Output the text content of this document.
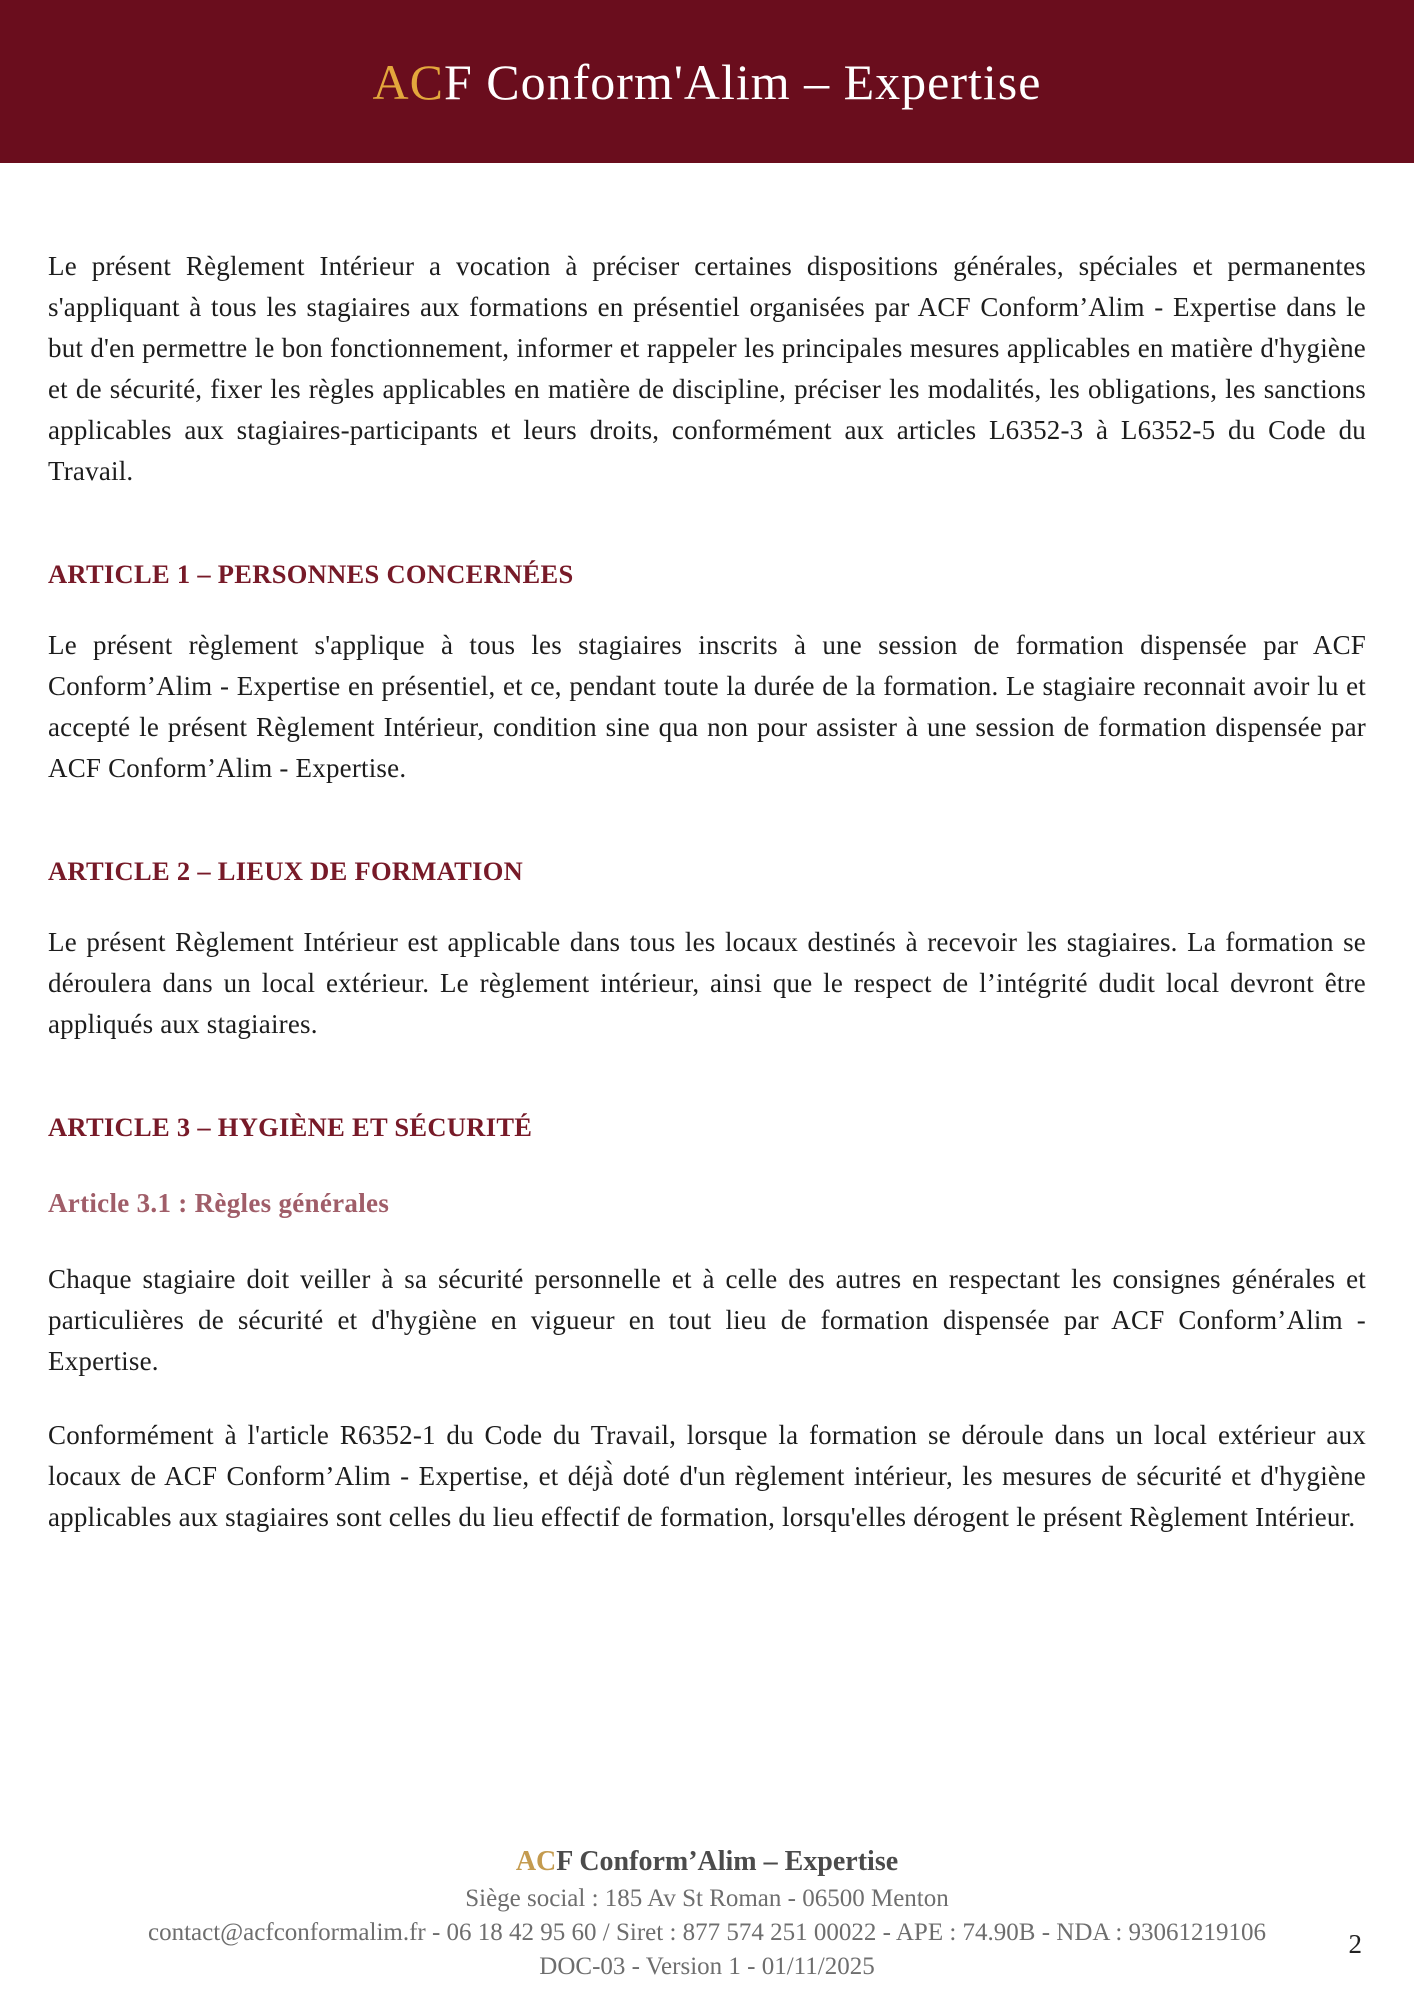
ACF Conform'Alim – Expertise

Le présent Règlement Intérieur a vocation à préciser certaines dispositions générales, spéciales et permanentes s'appliquant à tous les stagiaires aux formations en présentiel organisées par ACF Conform’Alim - Expertise dans le but d'en permettre le bon fonctionnement, informer et rappeler les principales mesures applicables en matière d'hygiène et de sécurité, fixer les règles applicables en matière de discipline, préciser les modalités, les obligations, les sanctions applicables aux stagiaires-participants et leurs droits, conformément aux articles L6352-3 à L6352-5 du Code du Travail.

ARTICLE 1 – PERSONNES CONCERNÉES

Le présent règlement s'applique à tous les stagiaires inscrits à une session de formation dispensée par ACF Conform’Alim - Expertise en présentiel, et ce, pendant toute la durée de la formation. Le stagiaire reconnait avoir lu et accepté le présent Règlement Intérieur, condition sine qua non pour assister à une session de formation dispensée par ACF Conform’Alim - Expertise.

ARTICLE 2 – LIEUX DE FORMATION

Le présent Règlement Intérieur est applicable dans tous les locaux destinés à recevoir les stagiaires. La formation se déroulera dans un local extérieur. Le règlement intérieur, ainsi que le respect de l’intégrité dudit local devront être appliqués aux stagiaires.

ARTICLE 3 – HYGIÈNE ET SÉCURITÉ
Article 3.1 : Règles générales

Chaque stagiaire doit veiller à sa sécurité personnelle et à celle des autres en respectant les consignes générales et particulières de sécurité et d'hygiène en vigueur en tout lieu de formation dispensée par ACF Conform’Alim - Expertise.

Conformément à l'article R6352-1 du Code du Travail, lorsque la formation se déroule dans un local extérieur aux locaux de ACF Conform’Alim - Expertise, et déjà̀ doté d'un règlement intérieur, les mesures de sécurité et d'hygiène applicables aux stagiaires sont celles du lieu effectif de formation, lorsqu'elles dérogent le présent Règlement Intérieur.

ACF Conform’Alim – Expertise
Siège social : 185 Av St Roman - 06500 Menton
contact@acfconformalim.fr - 06 18 42 95 60 / Siret : 877 574 251 00022 - APE : 74.90B - NDA : 93061219106
DOC-03 - Version 1 - 01/11/2025
2
